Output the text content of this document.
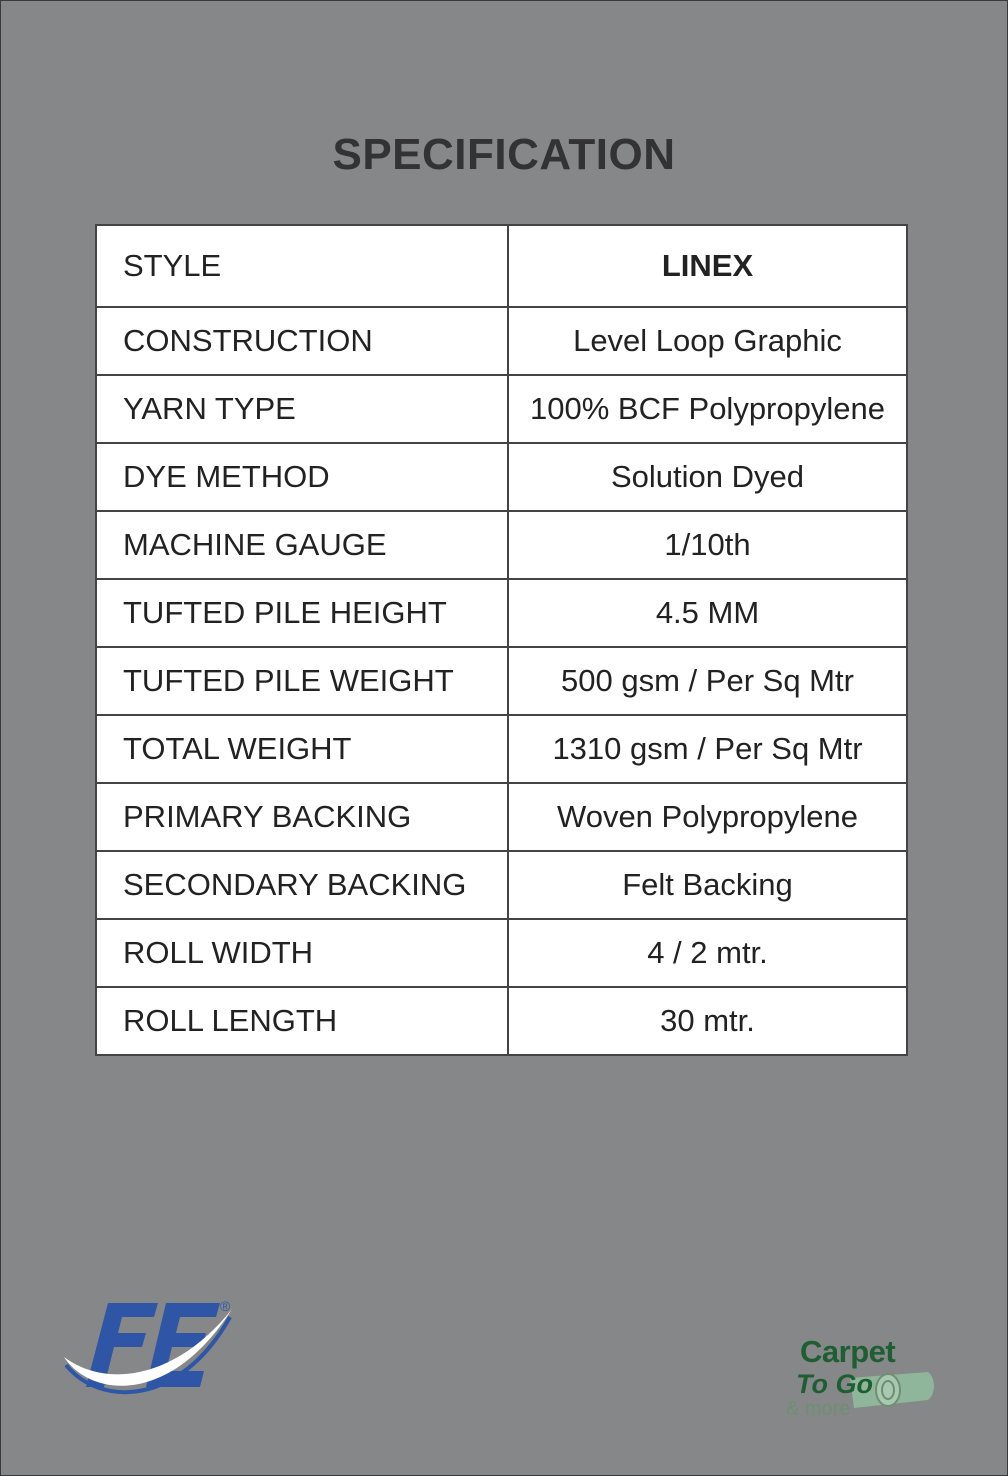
SPECIFICATION
STYLE	LINEX
CONSTRUCTION	Level Loop Graphic
YARN TYPE	100% BCF Polypropylene
DYE METHOD	Solution Dyed
MACHINE GAUGE	1/10th
TUFTED PILE HEIGHT	4.5 MM
TUFTED PILE WEIGHT	500 gsm / Per Sq Mtr
TOTAL WEIGHT	1310 gsm / Per Sq Mtr
PRIMARY BACKING	Woven Polypropylene
SECONDARY BACKING	Felt Backing
ROLL WIDTH	4 / 2 mtr.
ROLL LENGTH	30 mtr.
®
Carpet
To Go
& more
